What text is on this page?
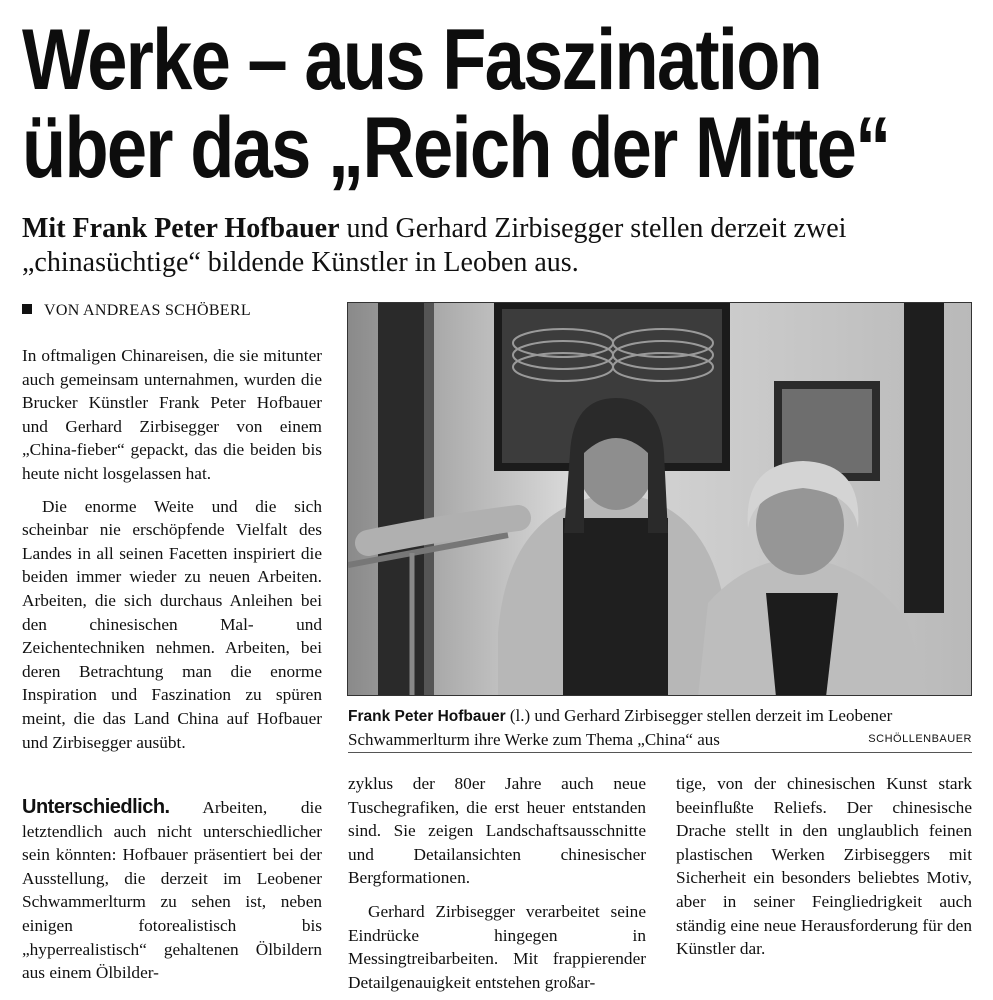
Werke – aus Faszination
über das „Reich der Mitte“

Mit Frank Peter Hofbauer und Gerhard Zirbisegger stellen derzeit zwei „chinasüchtige“ bildende Künstler in Leoben aus.

VON ANDREAS SCHÖBERL

In oftmaligen Chinareisen, die sie mitunter auch gemeinsam unternahmen, wurden die Brucker Künstler Frank Peter Hofbauer und Gerhard Zirbisegger von einem „China-fieber“ gepackt, das die beiden bis heute nicht losgelassen hat.

Die enorme Weite und die sich scheinbar nie erschöpfende Vielfalt des Landes in all seinen Facetten inspiriert die beiden immer wieder zu neuen Arbeiten. Arbeiten, die sich durchaus Anleihen bei den chinesischen Mal- und Zeichentechniken nehmen. Arbeiten, bei deren Betrachtung man die enorme Inspiration und Faszination zu spüren meint, die das Land China auf Hofbauer und Zirbisegger ausübt.

Unterschiedlich. Arbeiten, die letztendlich auch nicht unterschiedlicher sein könnten: Hofbauer präsentiert bei der Ausstellung, die derzeit im Leobener Schwammerlturm zu sehen ist, neben einigen fotorealistisch bis „hyperrealistisch“ gehaltenen Ölbildern aus einem Ölbilder-

Frank Peter Hofbauer (l.) und Gerhard Zirbisegger stellen derzeit im Leobener Schwammerlturm ihre Werke zum Thema „China“ aus	SCHÖLLENBAUER

zyklus der 80er Jahre auch neue Tuschegrafiken, die erst heuer entstanden sind. Sie zeigen Landschaftsausschnitte und Detailansichten chinesischer Bergformationen.

Gerhard Zirbisegger verarbeitet seine Eindrücke hingegen in Messingtreibarbeiten. Mit frappierender Detailgenauigkeit entstehen großar-

tige, von der chinesischen Kunst stark beeinflußte Reliefs. Der chinesische Drache stellt in den unglaublich feinen plastischen Werken Zirbiseggers mit Sicherheit ein besonders beliebtes Motiv, aber in seiner Feingliedrigkeit auch ständig eine neue Herausforderung für den Künstler dar.
